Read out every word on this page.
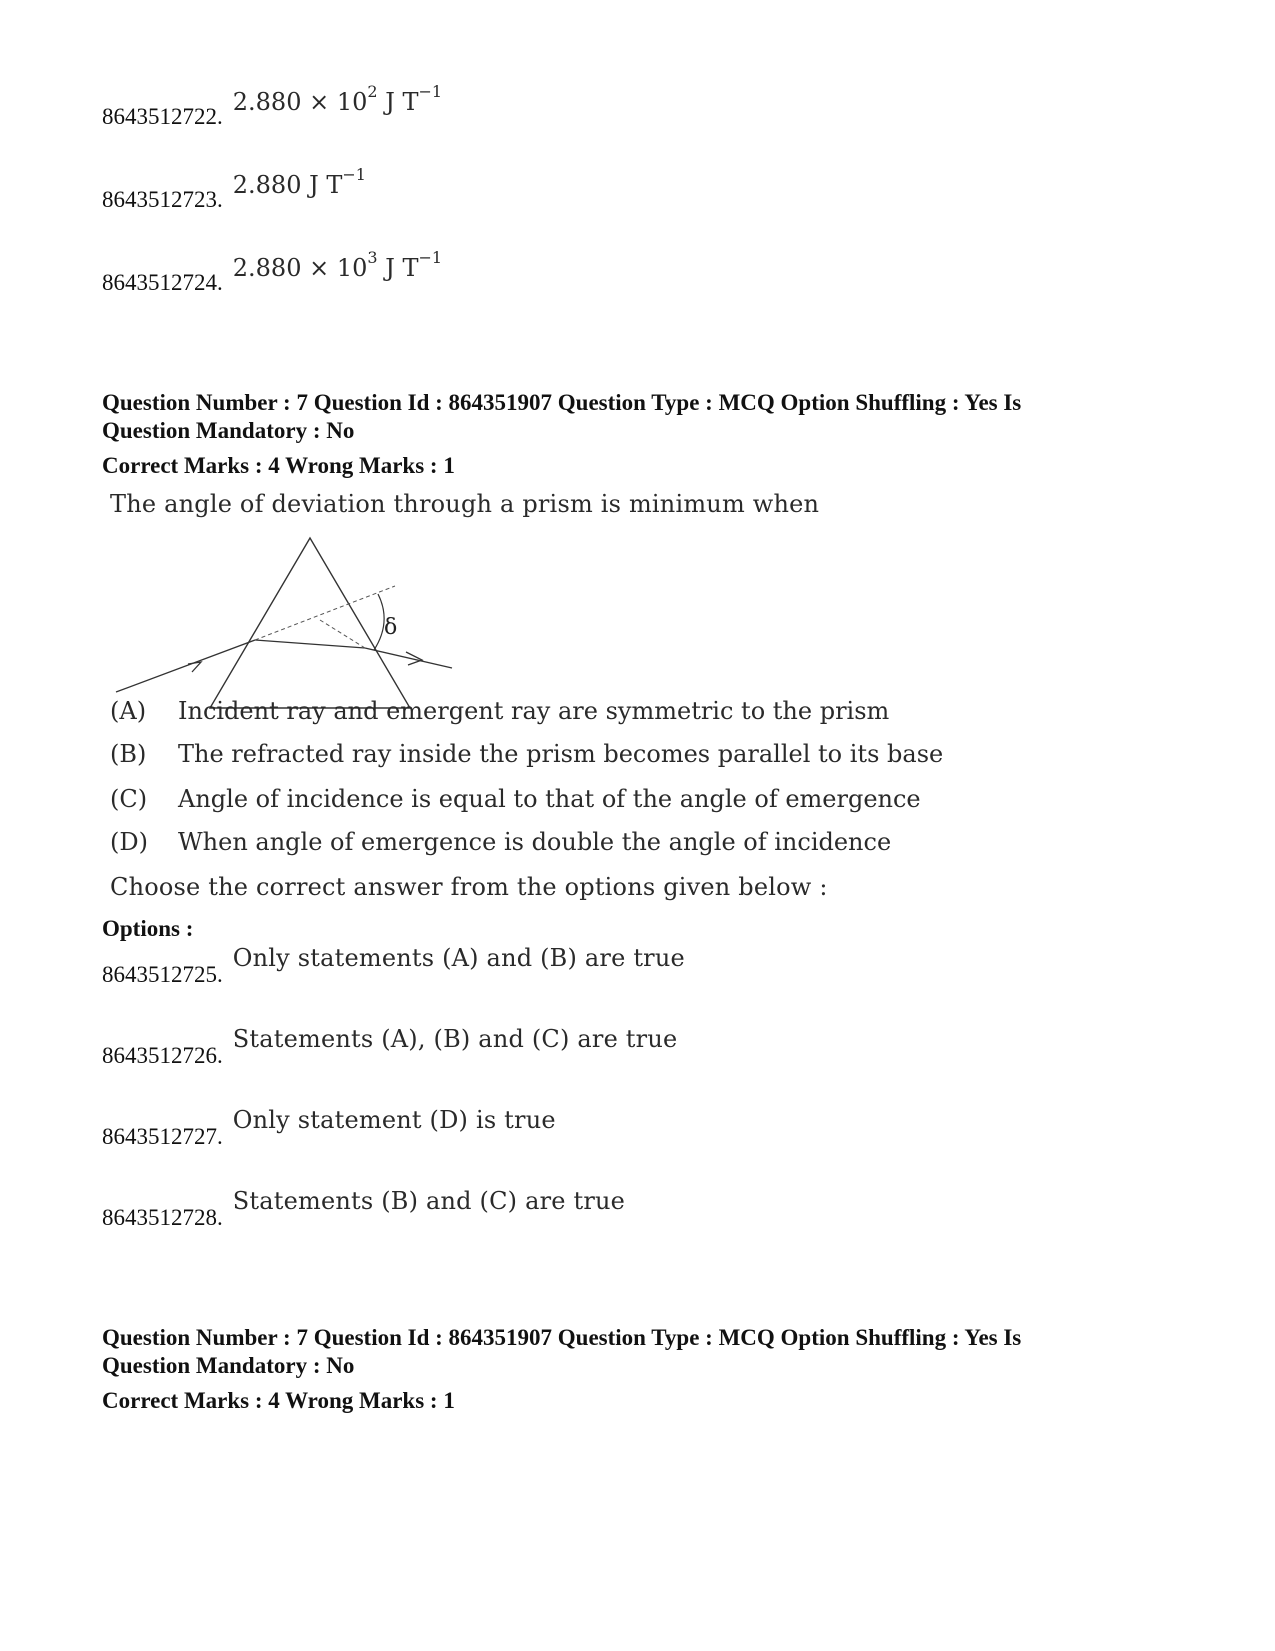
8643512722.
$2.880 \times 10^2$ J $T^{-1}$
8643512723.
2.880 J $T^{-1}$
8643512724.
$2.880 \times 10^3$ J $T^{-1}$
Question Number : 7 Question Id : 864351907 Question Type : MCQ Option Shuffling : Yes Is
Question Mandatory : No
Correct Marks : 4 Wrong Marks : 1
The angle of deviation through a prism is minimum when
δ
(A)	Incident ray and emergent ray are symmetric to the prism
(B)	The refracted ray inside the prism becomes parallel to its base
(C)	Angle of incidence is equal to that of the angle of emergence
(D)	When angle of emergence is double the angle of incidence
Choose the correct answer from the options given below :
Options :
8643512725.
Only statements (A) and (B) are true
8643512726.
Statements (A), (B) and (C) are true
8643512727.
Only statement (D) is true
8643512728.
Statements (B) and (C) are true
Question Number : 7 Question Id : 864351907 Question Type : MCQ Option Shuffling : Yes Is
Question Mandatory : No
Correct Marks : 4 Wrong Marks : 1
